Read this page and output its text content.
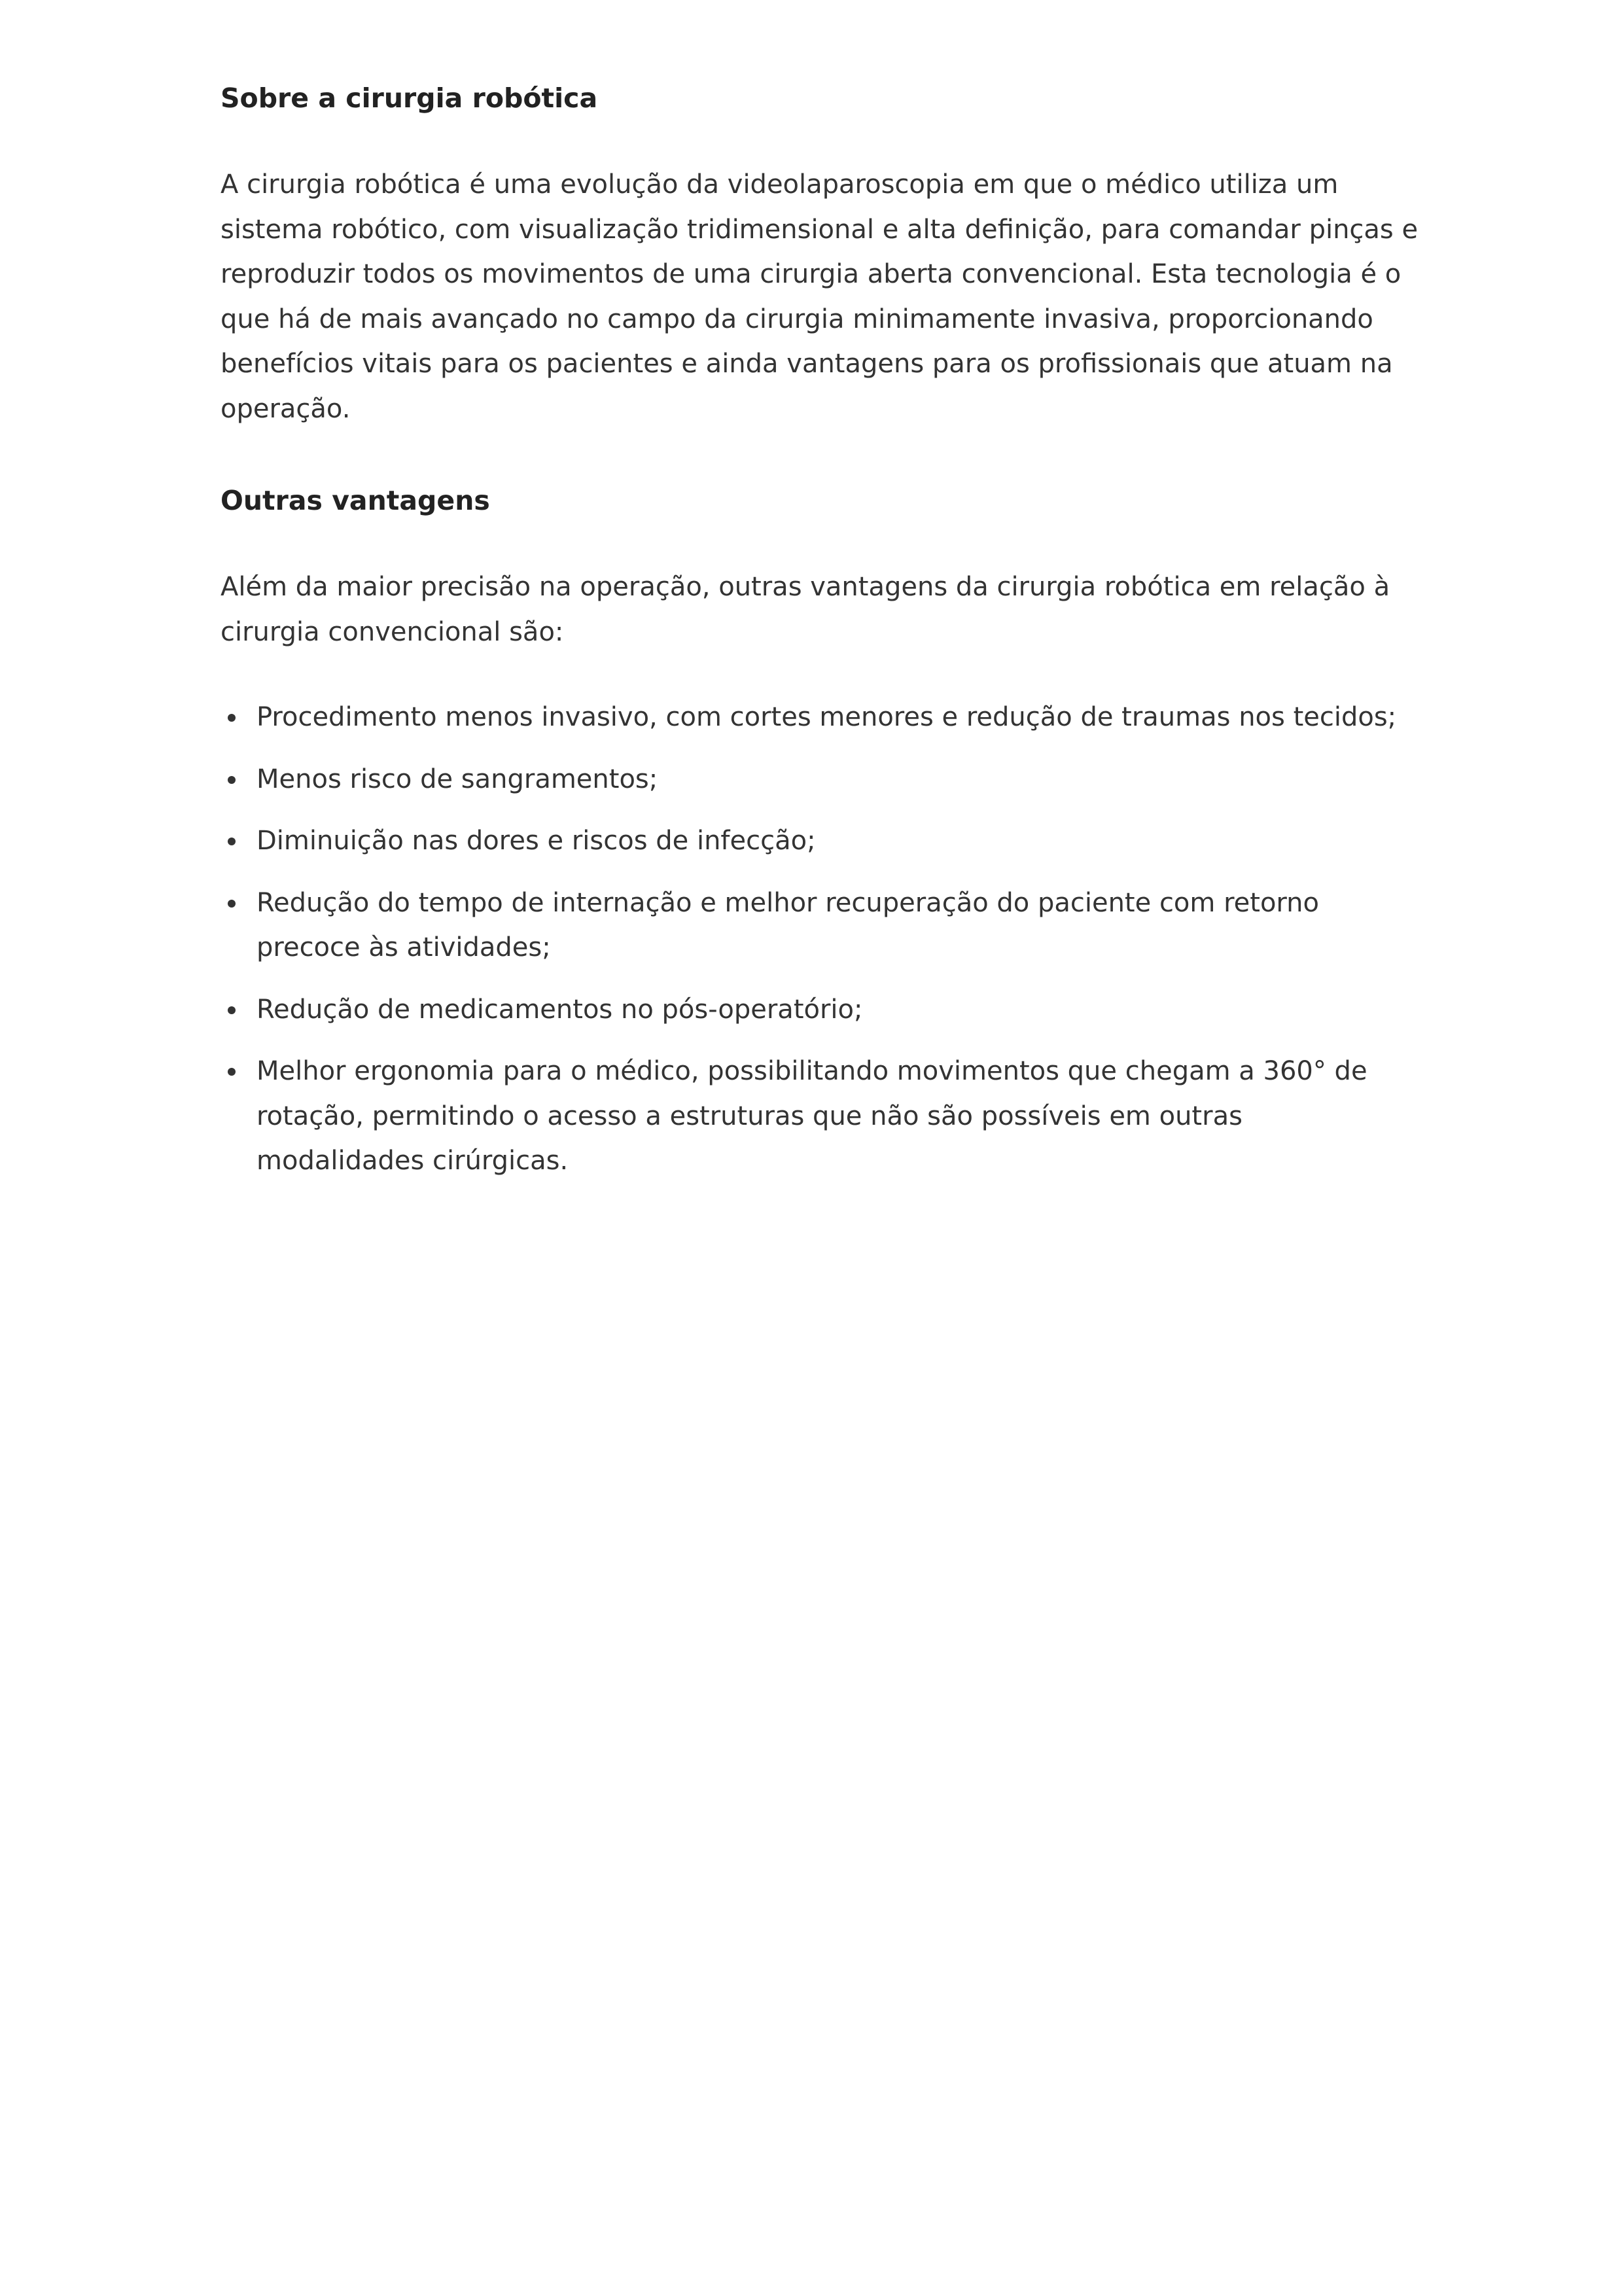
Sobre a cirurgia robótica

A cirurgia robótica é uma evolução da videolaparoscopia em que o médico utiliza um sistema robótico, com visualização tridimensional e alta definição, para comandar pinças e reproduzir todos os movimentos de uma cirurgia aberta convencional. Esta tecnologia é o que há de mais avançado no campo da cirurgia minimamente invasiva, proporcionando benefícios vitais para os pacientes e ainda vantagens para os profissionais que atuam na operação.

Outras vantagens

Além da maior precisão na operação, outras vantagens da cirurgia robótica em relação à cirurgia convencional são:

Procedimento menos invasivo, com cortes menores e redução de traumas nos tecidos;
Menos risco de sangramentos;
Diminuição nas dores e riscos de infecção;
Redução do tempo de internação e melhor recuperação do paciente com retorno precoce às atividades;
Redução de medicamentos no pós-operatório;
Melhor ergonomia para o médico, possibilitando movimentos que chegam a 360° de rotação, permitindo o acesso a estruturas que não são possíveis em outras modalidades cirúrgicas.
